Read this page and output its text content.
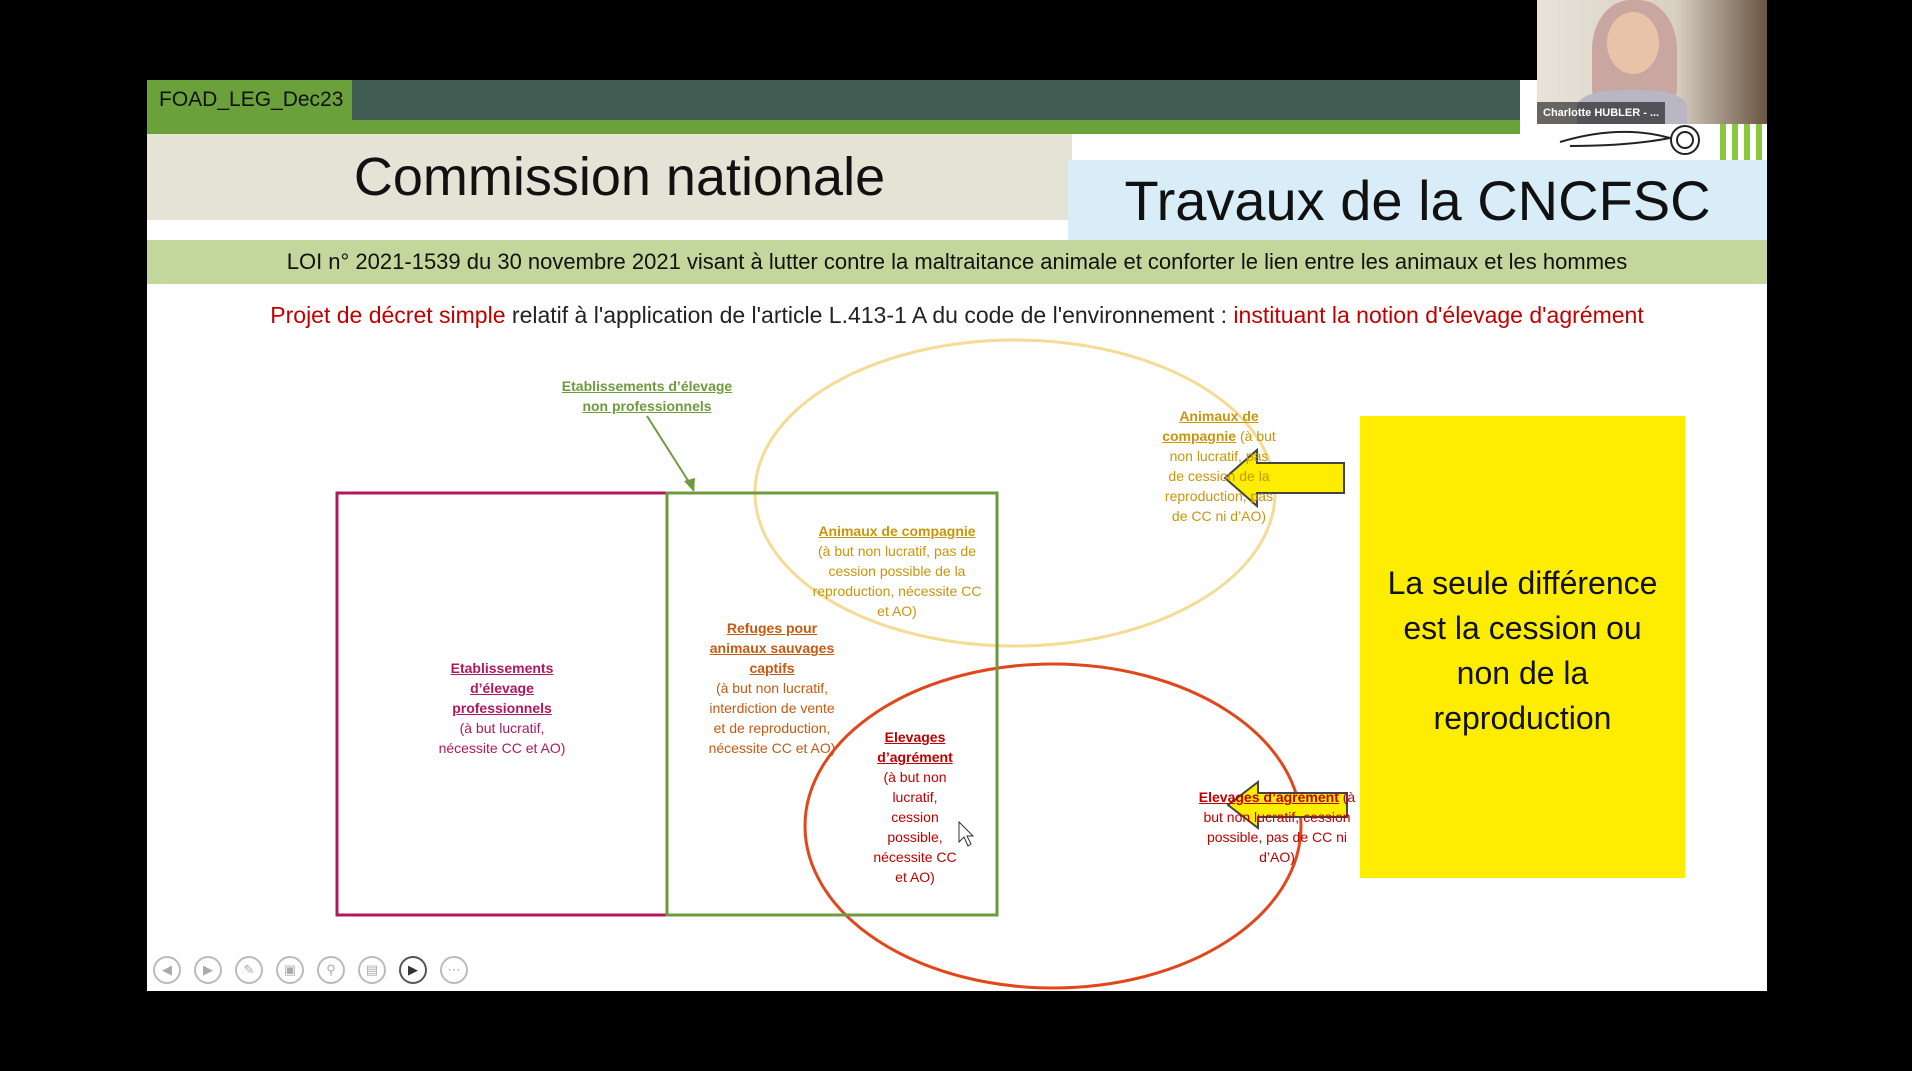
FOAD_LEG_Dec23
Commission nationale	Travaux de la CNCFSC
LOI n° 2021-1539 du 30 novembre 2021 visant à lutter contre la maltraitance animale et conforter le lien entre les animaux et les hommes
Projet de décret simple relatif à l'application de l'article L.413-1 A du code de l'environnement : instituant la notion d'élevage d'agrément
Etablissements d’élevage
non professionnels
Etablissements
d’élevage
professionnels
(à but lucratif,
nécessite CC et AO)
Refuges pour
animaux sauvages
captifs
(à but non lucratif,
interdiction de vente
et de reproduction,
nécessite CC et AO)
Animaux de compagnie
(à but non lucratif, pas de
cession possible de la
reproduction, nécessite CC
et AO)
Elevages
d’agrément
(à but non
lucratif,
cession
possible,
nécessite CC
et AO)
Animaux de
compagnie (à but
non lucratif, pas
de cession de la
reproduction, pas
de CC ni d’AO)
Elevages d’agrément (à
but non lucratif, cession
possible, pas de CC ni
d’AO)
La seule différence
est la cession ou
non de la
reproduction
◀	▶	✎	▣	⚲	▤	▶	⋯
Charlotte HUBLER - ...
